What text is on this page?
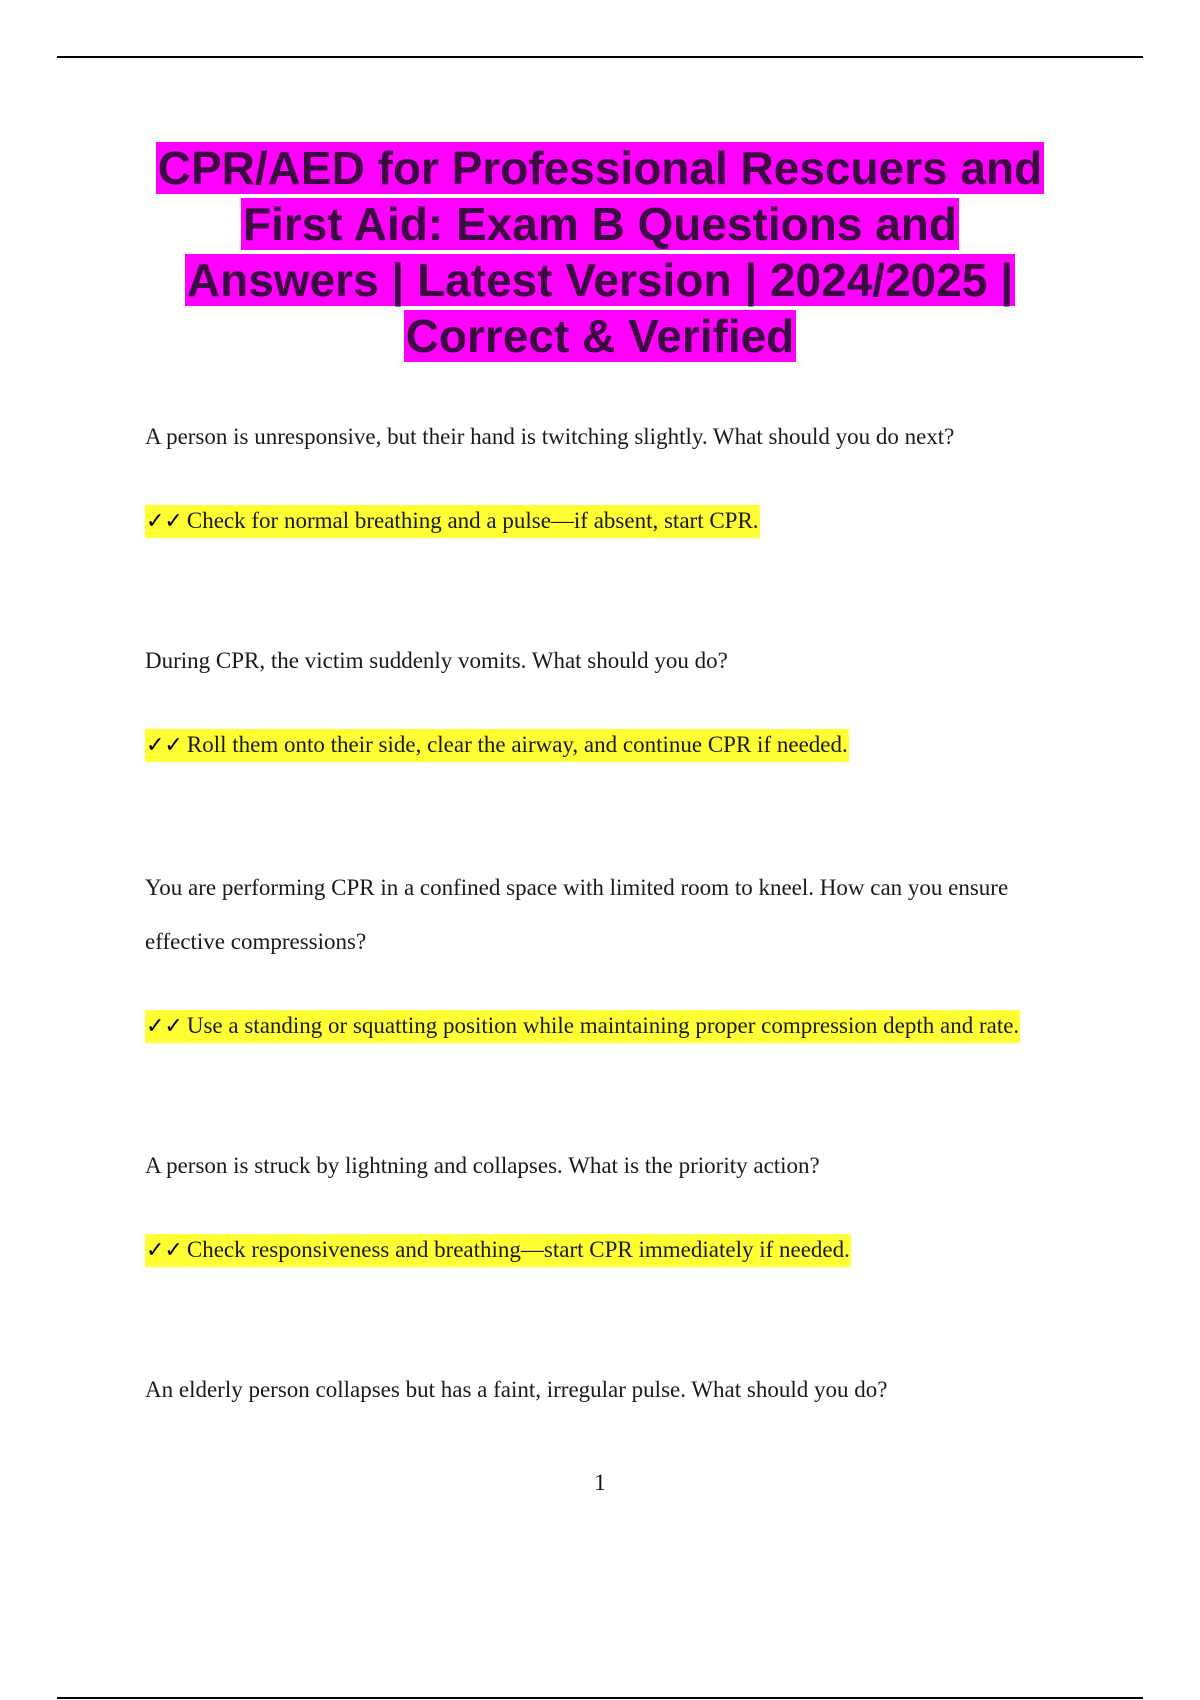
CPR/AED for Professional Rescuers and
First Aid: Exam B Questions and
Answers | Latest Version | 2024/2025 |
Correct & Verified
A person is unresponsive, but their hand is twitching slightly. What should you do next?
✓✓ Check for normal breathing and a pulse—if absent, start CPR.
During CPR, the victim suddenly vomits. What should you do?
✓✓ Roll them onto their side, clear the airway, and continue CPR if needed.
You are performing CPR in a confined space with limited room to kneel. How can you ensure
effective compressions?
✓✓ Use a standing or squatting position while maintaining proper compression depth and rate.
A person is struck by lightning and collapses. What is the priority action?
✓✓ Check responsiveness and breathing—start CPR immediately if needed.
An elderly person collapses but has a faint, irregular pulse. What should you do?
1
